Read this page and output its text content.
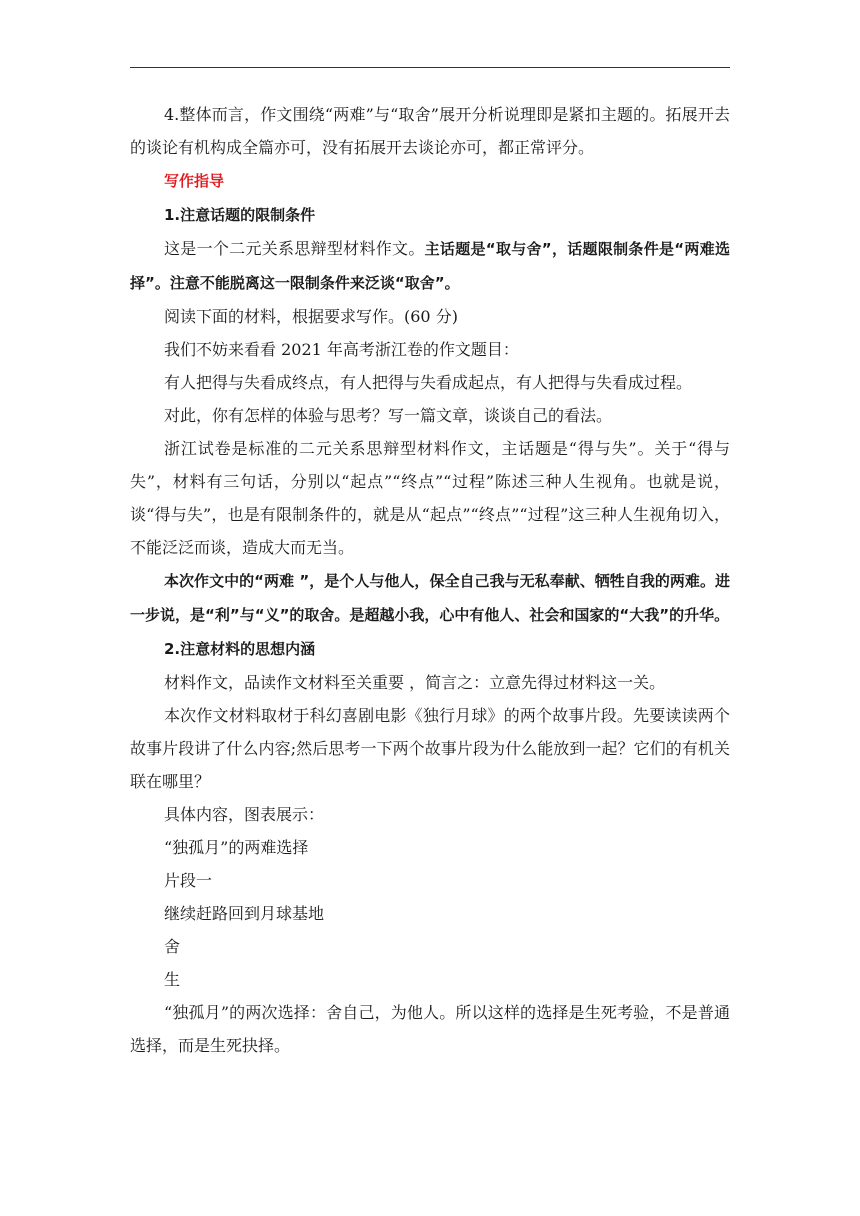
4.整体而言，作文围绕“两难”与“取舍”展开分析说理即是紧扣主题的。拓展开去的谈论有机构成全篇亦可，没有拓展开去谈论亦可，都正常评分。

写作指导

1.注意话题的限制条件

这是一个二元关系思辩型材料作文。主话题是“取与舍”，话题限制条件是“两难选择”。注意不能脱离这一限制条件来泛谈“取舍”。

阅读下面的材料，根据要求写作。(60 分)

我们不妨来看看 2021 年高考浙江卷的作文题目：

有人把得与失看成终点，有人把得与失看成起点，有人把得与失看成过程。

对此，你有怎样的体验与思考？写一篇文章，谈谈自己的看法。

浙江试卷是标准的二元关系思辩型材料作文，主话题是“得与失”。关于“得与失”，材料有三句话，分别以“起点”“终点”“过程”陈述三种人生视角。也就是说，谈“得与失”，也是有限制条件的，就是从“起点”“终点”“过程”这三种人生视角切入，不能泛泛而谈，造成大而无当。

本次作文中的“两难 ”，是个人与他人，保全自己我与无私奉献、牺牲自我的两难。进一步说，是“利”与“义”的取舍。是超越小我，心中有他人、社会和国家的“大我”的升华。

2.注意材料的思想内涵

材料作文，品读作文材料至关重要 ，简言之：立意先得过材料这一关。

本次作文材料取材于科幻喜剧电影《独行月球》的两个故事片段。先要读读两个故事片段讲了什么内容;然后思考一下两个故事片段为什么能放到一起？它们的有机关联在哪里？

具体内容，图表展示：

“独孤月”的两难选择

片段一

继续赶路回到月球基地

舍

生

“独孤月”的两次选择：舍自己，为他人。所以这样的选择是生死考验，不是普通选择，而是生死抉择。
